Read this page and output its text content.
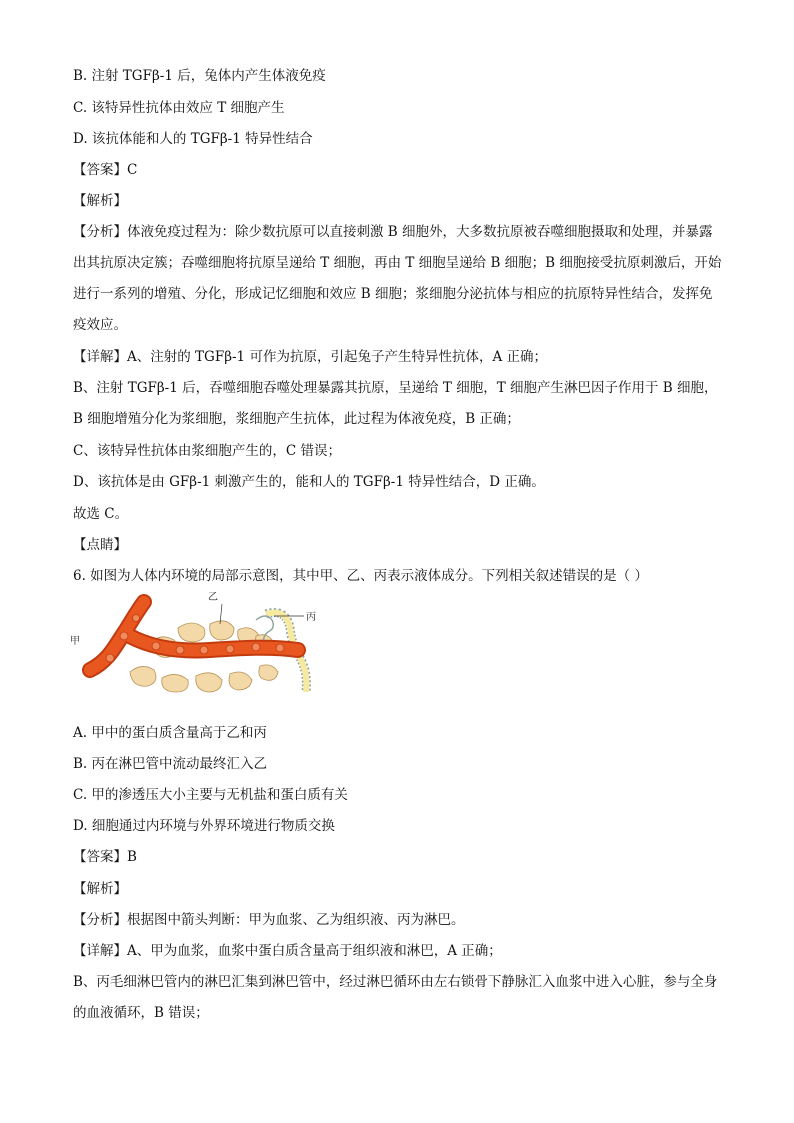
B. 注射 TGFβ-1 后，兔体内产生体液免疫
C. 该特异性抗体由效应 T 细胞产生
D. 该抗体能和人的 TGFβ-1 特异性结合
【答案】C
【解析】
【分析】体液免疫过程为：除少数抗原可以直接刺激 B 细胞外，大多数抗原被吞噬细胞摄取和处理，并暴露出其抗原决定簇；吞噬细胞将抗原呈递给 T 细胞，再由 T 细胞呈递给 B 细胞；B 细胞接受抗原刺激后，开始进行一系列的增殖、分化，形成记忆细胞和效应 B 细胞；浆细胞分泌抗体与相应的抗原特异性结合，发挥免疫效应。
【详解】A、注射的 TGFβ-1 可作为抗原，引起兔子产生特异性抗体，A 正确；
B、注射 TGFβ-1 后，吞噬细胞吞噬处理暴露其抗原，呈递给 T 细胞，T 细胞产生淋巴因子作用于 B 细胞，B 细胞增殖分化为浆细胞，浆细胞产生抗体，此过程为体液免疫，B 正确；
C、该特异性抗体由浆细胞产生的，C 错误；
D、该抗体是由 GFβ-1 刺激产生的，能和人的 TGFβ-1 特异性结合，D 正确。
故选 C。
【点睛】
6. 如图为人体内环境的局部示意图，其中甲、乙、丙表示液体成分。下列相关叙述错误的是（ ）
甲
乙
丙
A. 甲中的蛋白质含量高于乙和丙
B. 丙在淋巴管中流动最终汇入乙
C. 甲的渗透压大小主要与无机盐和蛋白质有关
D. 细胞通过内环境与外界环境进行物质交换
【答案】B
【解析】
【分析】根据图中箭头判断：甲为血浆、乙为组织液、丙为淋巴。
【详解】A、甲为血浆，血浆中蛋白质含量高于组织液和淋巴，A 正确；
B、丙毛细淋巴管内的淋巴汇集到淋巴管中，经过淋巴循环由左右锁骨下静脉汇入血浆中进入心脏，参与全身的血液循环，B 错误；
